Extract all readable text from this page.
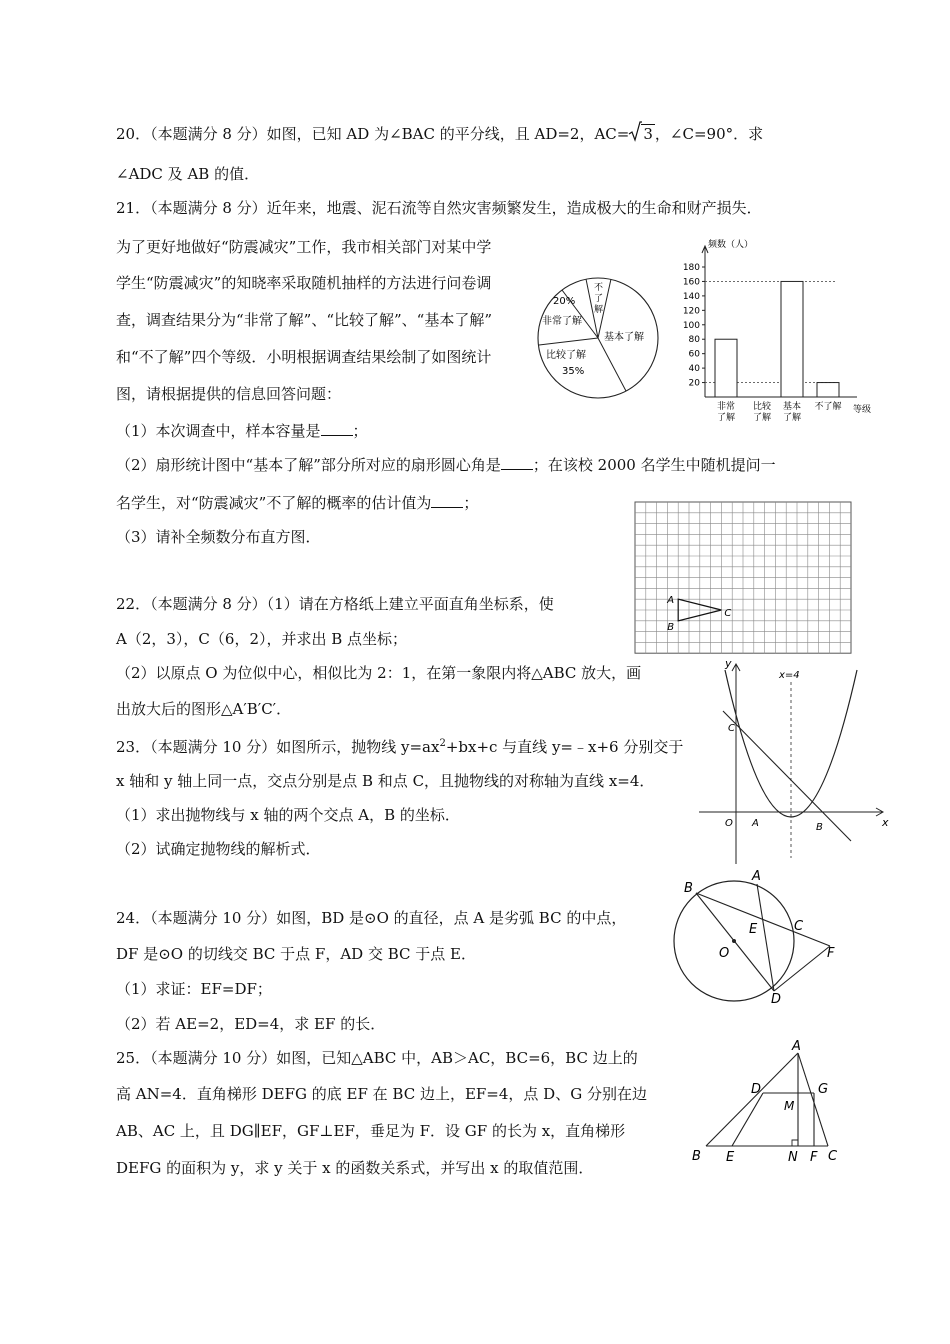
20．（本题满分 8 分）如图，已知 AD 为∠BAC 的平分线，且 AD=2，AC= 3 ，∠C=90°．求
∠ADC 及 AB 的值．
21．（本题满分 8 分）近年来，地震、泥石流等自然灾害频繁发生，造成极大的生命和财产损失．
为了更好地做好“防震减灾”工作，我市相关部门对某中学
学生“防震减灾”的知晓率采取随机抽样的方法进行问卷调
查，调查结果分为“非常了解”、“比较了解”、“基本了解”
和“不了解”四个等级．小明根据调查结果绘制了如图统计
图，请根据提供的信息回答问题：
（1）本次调查中，样本容量是 ；
（2）扇形统计图中“基本了解”部分所对应的扇形圆心角是 ；在该校 2000 名学生中随机提问一
名学生，对“防震减灾”不了解的概率的估计值为 ；
（3）请补全频数分布直方图．
20%
非常了解
不
了
解
基本了解
比较了解
35%
频数（人）
等级
180
160
140
120
100
80
60
40
20
非常
了解
比较
了解
基本
了解
不了解
A
B
C
22．（本题满分 8 分）（1）请在方格纸上建立平面直角坐标系，使
A（2，3），C（6，2），并求出 B 点坐标；
（2）以原点 O 为位似中心，相似比为 2：1，在第一象限内将△ABC 放大，画
出放大后的图形△A′B′C′．
23．（本题满分 10 分）如图所示，抛物线 $y=ax^2+bx+c$ 与直线 y=﹣x+6 分别交于
x 轴和 y 轴上同一点，交点分别是点 B 和点 C，且抛物线的对称轴为直线 x=4．
（1）求出抛物线与 x 轴的两个交点 A，B 的坐标．
（2）试确定抛物线的解析式．
y
x
x=4
O A	B
C
24．（本题满分 10 分）如图，BD 是⊙O 的直径，点 A 是劣弧 BC 的中点，
DF 是⊙O 的切线交 BC 于点 F，AD 交 BC 于点 E．
（1）求证：EF=DF；
（2）若 AE=2，ED=4，求 EF 的长．
B
A
C
E
O	F
D
25．（本题满分 10 分）如图，已知△ABC 中，AB＞AC，BC=6，BC 边上的
高 AN=4．直角梯形 DEFG 的底 EF 在 BC 边上，EF=4，点 D、G 分别在边
AB、AC 上，且 DG∥EF，GF⊥EF，垂足为 F．设 GF 的长为 x，直角梯形
DEFG 的面积为 y，求 y 关于 x 的函数关系式，并写出 x 的取值范围．
A
D	G
M
B E	N F C
